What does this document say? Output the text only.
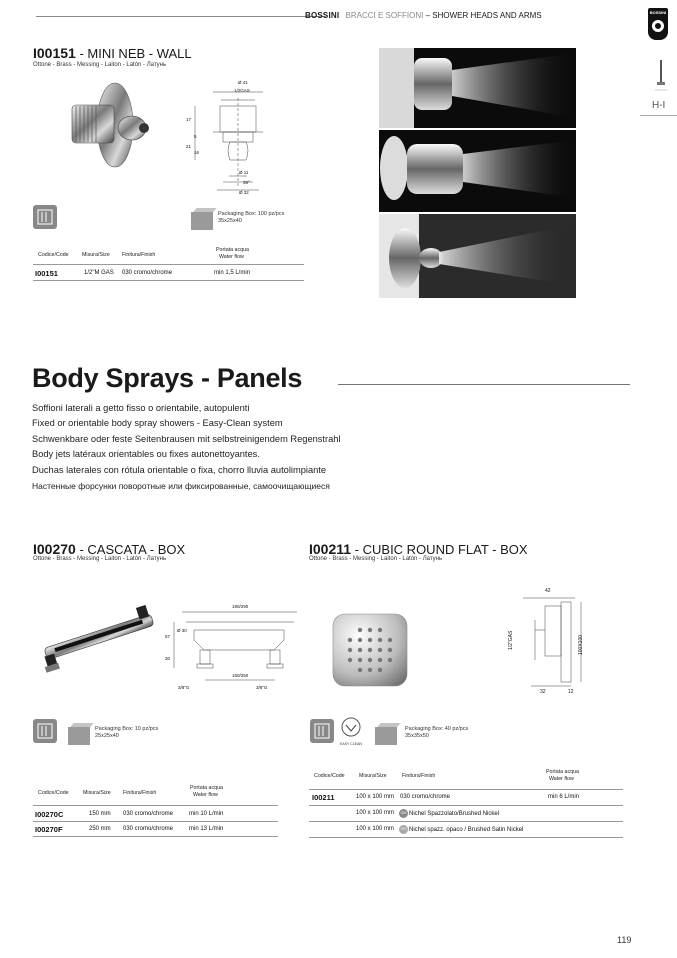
BOSSINI BRACCI E SOFFIONI – SHOWER HEADS AND ARMS	BOSSINI
H-I
I00151 - MINI NEB - WALL
Ottone - Brass - Messing - Laiton - Latón - Латунь
Ø 41
1/2GAS
17
21
16
5
Ø 11
38°
Ø 32
Packaging Box: 100 pz/pcs
35x25x40
Codice/Code	Misura/Size Finitura/Finish
Portata acqua
Water flow
I00151	1/2"M GAS 030 cromo/chrome	min 1,5 L/min
Body Sprays - Panels
Soffioni laterali a getto fisso o orientabile, autopulenti
Fixed or orientable body spray showers - Easy-Clean system
Schwenkbare oder feste Seitenbrausen mit selbstreinigendem Regenstrahl
Body jets latéraux orientables ou fixes autonettoyantes.
Duchas laterales con rótula orientable o fixa, chorro lluvia autolimpiante
Настенные форсунки поворотные или фиксированные, самоочищающиеся
I00270 - CASCATA - BOX
Ottone - Brass - Messing - Laiton - Latón - Латунь
190/290
Ø 30
57
30
150/250
3/8"G	3/8"G
Packaging Box: 10 pz/pcs
25x25x40
Codice/Code	Misura/Size Finitura/Finish
Portata acqua
Water flow
I00270C	150 mm 030 cromo/chrome	min 10 L/min
I00270F	250 mm 030 cromo/chrome	min 13 L/min
I00211 - CUBIC ROUND FLAT - BOX
Ottone - Brass - Messing - Laiton - Latón - Латунь
42
1/2"GAS	100X100
32	12
EASY CLEAN
Packaging Box: 40 pz/pcs
35x35x50
Codice/Code	Misura/Size	Finitura/Finish
Portata acqua
Water flow
I00211	100 x 100 mm 030 cromo/chrome	min 6 L/min
100 x 100 mm	093 Nichel Spazzolato/Brushed Nickel
100 x 100 mm	070 Nichel spazz. opaco / Brushed Satin Nickel
119
